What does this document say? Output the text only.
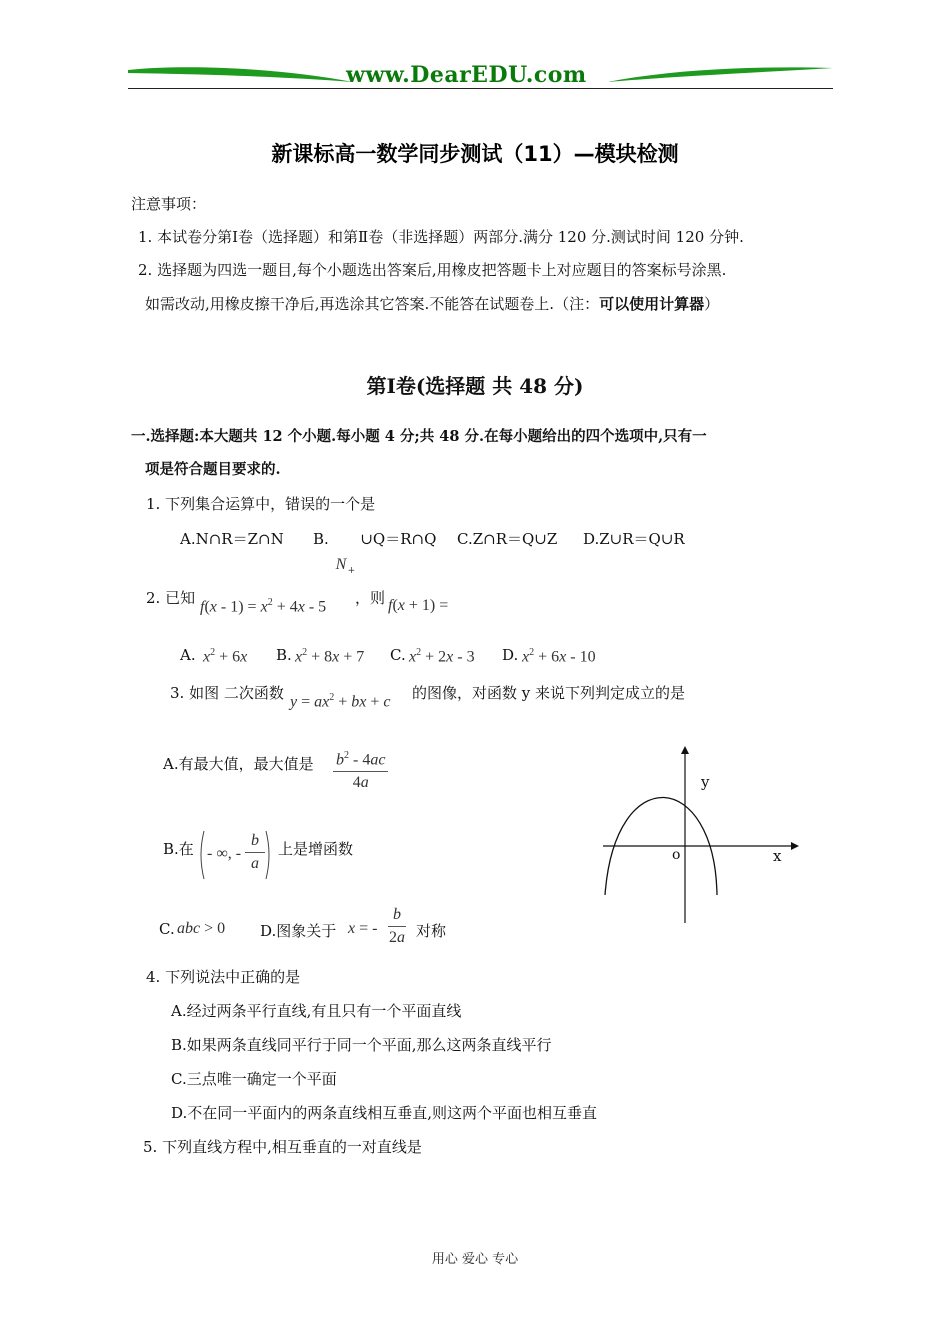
www.DearEDU.com
新课标高一数学同步测试（11）—模块检测
注意事项：
1. 本试卷分第Ⅰ卷（选择题）和第Ⅱ卷（非选择题）两部分.满分 120 分.测试时间 120 分钟.
2. 选择题为四选一题目,每个小题选出答案后,用橡皮把答题卡上对应题目的答案标号涂黑.
如需改动,用橡皮擦干净后,再选涂其它答案.不能答在试题卷上.（注：可以使用计算器）
第Ⅰ卷(选择题 共 48 分)
一.选择题:本大题共 12 个小题.每小题 4 分;共 48 分.在每小题给出的四个选项中,只有一
项是符合题目要求的.
1. 下列集合运算中，错误的一个是
A.N∩R＝Z∩N B.
N +
∪Q＝R∩Q C.Z∩R＝Q∪Z D.Z∪R＝Q∪R
2. 已知 $f(x - 1) = x^2 + 4x - 5$ ，则 f(x + 1) =
A. $x^2 + 6x$ B. $x^2 + 8x + 7$ C. $x^2 + 2x - 3$ D. $x^2 + 6x - 10$
3. 如图 二次函数 $y = ax^2$ + bx + c 的图像，对函数 y 来说下列判定成立的是
A.有最大值，最大值是 $\frac{b^2 - 4ac}{4a}$
B.在 - ∞, - $\frac{b}{a}$ 上是增函数
C. abc > 0 D.图象关于 x = - $\frac{b}{2a}$ 对称
y
o	x
4. 下列说法中正确的是
A.经过两条平行直线,有且只有一个平面直线
B.如果两条直线同平行于同一个平面,那么这两条直线平行
C.三点唯一确定一个平面
D.不在同一平面内的两条直线相互垂直,则这两个平面也相互垂直
5. 下列直线方程中,相互垂直的一对直线是
用心 爱心 专心
